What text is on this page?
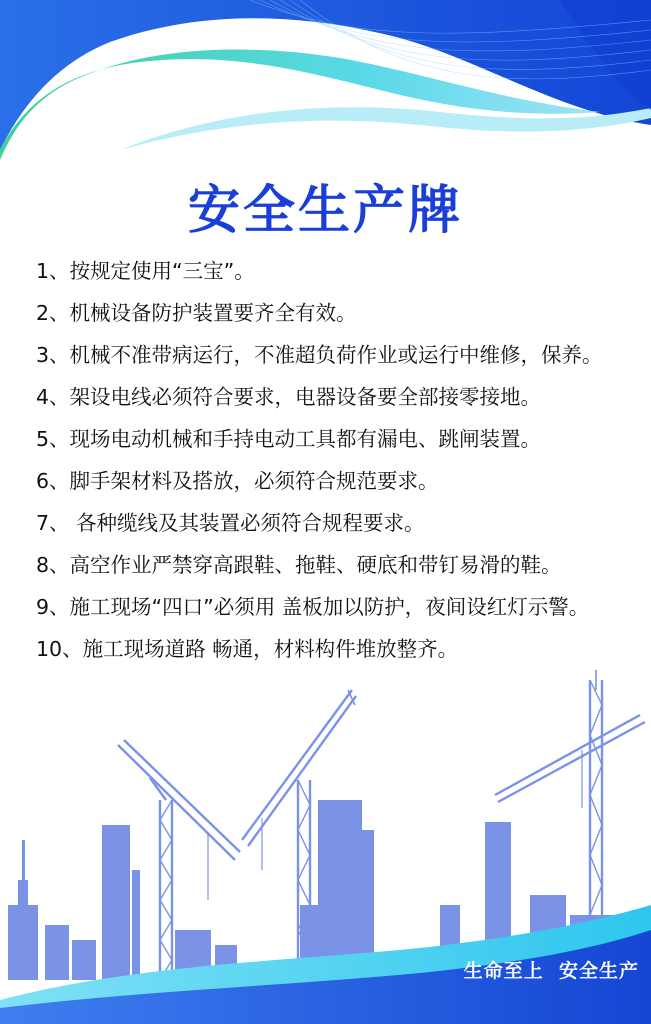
安全生产牌
1、按规定使用“三宝”。
2、机械设备防护装置要齐全有效。
3、机械不准带病运行，不准超负荷作业或运行中维修，保养。
4、架设电线必须符合要求，电器设备要全部接零接地。
5、现场电动机械和手持电动工具都有漏电、跳闸装置。
6、脚手架材料及搭放，必须符合规范要求。
7、 各种缆线及其装置必须符合规程要求。
8、高空作业严禁穿高跟鞋、拖鞋、硬底和带钉易滑的鞋。
9、施工现场“四口”必须用 盖板加以防护，夜间设红灯示警。
10、施工现场道路 畅通，材料构件堆放整齐。
生命至上  安全生产
